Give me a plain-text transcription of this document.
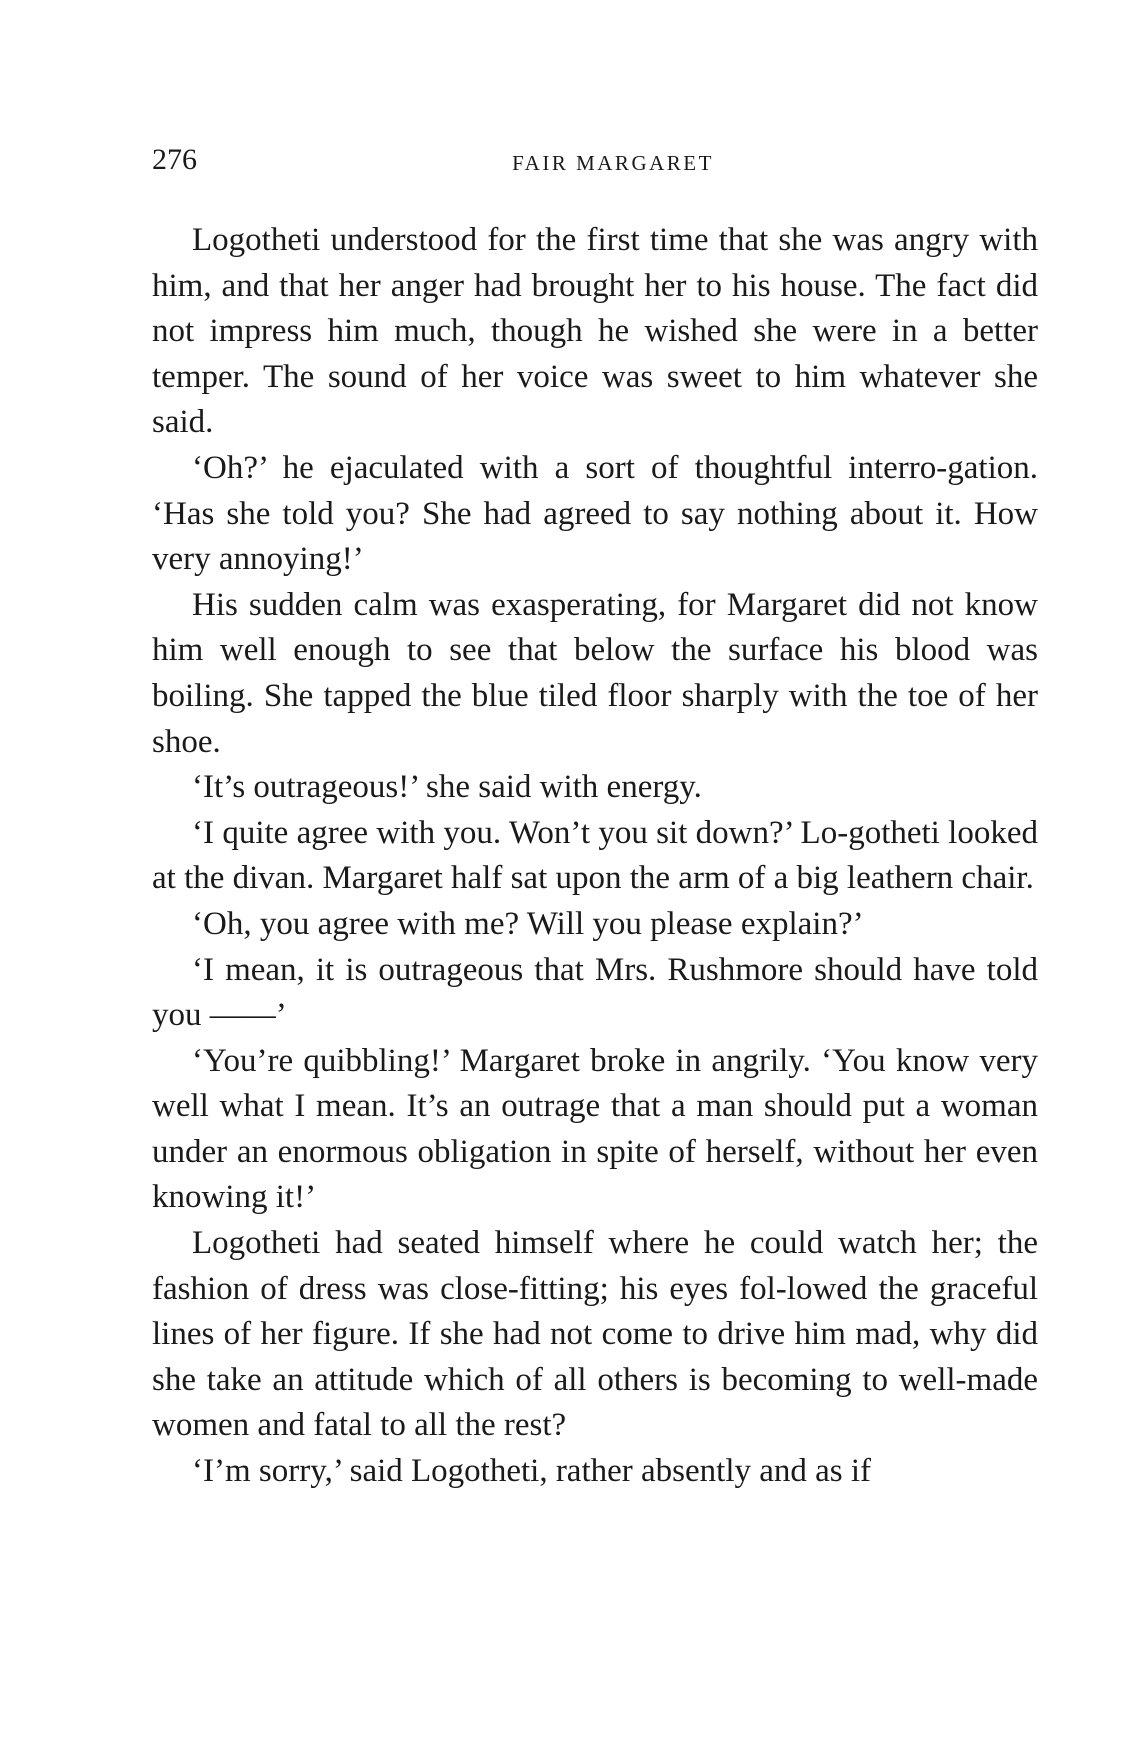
276	FAIR MARGARET

Logotheti understood for the first time that she was angry with him, and that her anger had brought her to his house. The fact did not impress him much, though he wished she were in a better temper. The sound of her voice was sweet to him whatever she said.

‘Oh?’ he ejaculated with a sort of thoughtful interro-gation. ‘Has she told you? She had agreed to say nothing about it. How very annoying!’

His sudden calm was exasperating, for Margaret did not know him well enough to see that below the surface his blood was boiling. She tapped the blue tiled floor sharply with the toe of her shoe.

‘It’s outrageous!’ she said with energy.

‘I quite agree with you. Won’t you sit down?’ Lo-gotheti looked at the divan. Margaret half sat upon the arm of a big leathern chair.

‘Oh, you agree with me? Will you please explain?’

‘I mean, it is outrageous that Mrs. Rushmore should have told you ——’

‘You’re quibbling!’ Margaret broke in angrily. ‘You know very well what I mean. It’s an outrage that a man should put a woman under an enormous obligation in spite of herself, without her even knowing it!’

Logotheti had seated himself where he could watch her; the fashion of dress was close-fitting; his eyes fol-lowed the graceful lines of her figure. If she had not come to drive him mad, why did she take an attitude which of all others is becoming to well-made women and fatal to all the rest?

‘I’m sorry,’ said Logotheti, rather absently and as if
